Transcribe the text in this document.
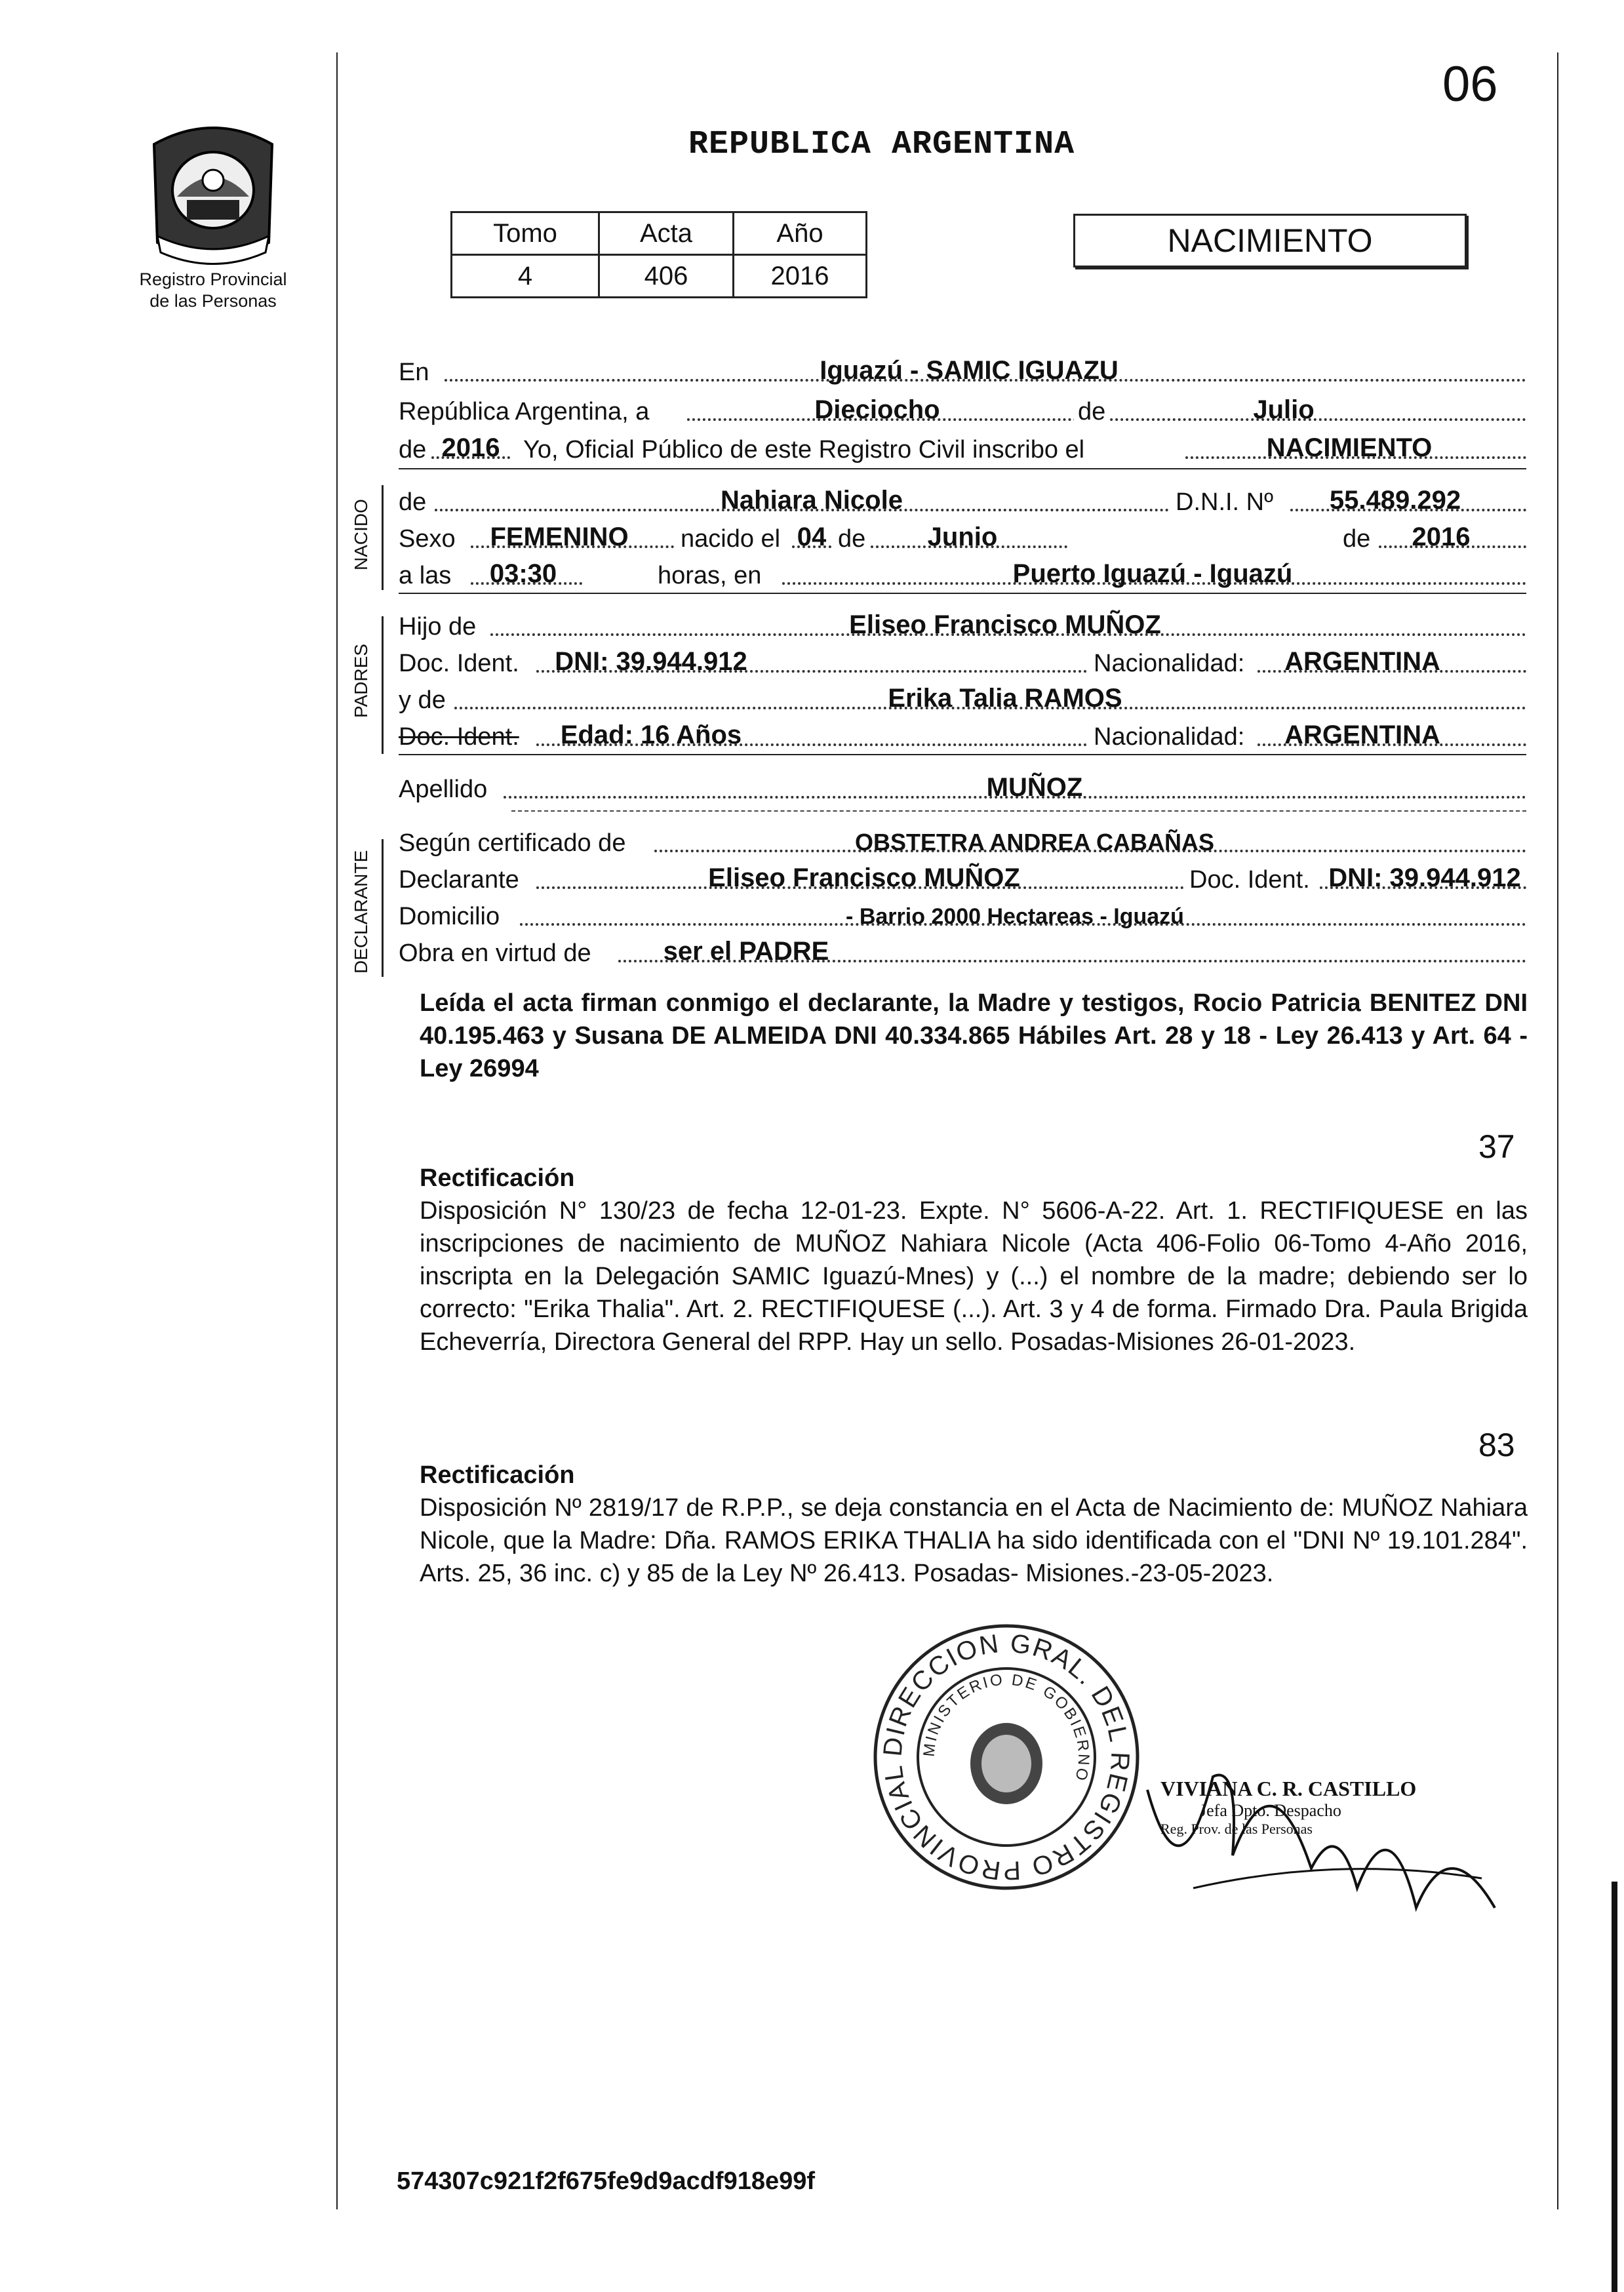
06
Registro Provincial
de las Personas
REPUBLICA ARGENTINA
Tomo	Acta	Año
4	406	2016
NACIMIENTO
NACIDO
PADRES
DECLARANTE
En	Iguazú - SAMIC IGUAZU
República Argentina, a	Dieciocho	de	Julio
de 2016 Yo, Oficial Público de este Registro Civil inscribo el	NACIMIENTO
de	Nahiara Nicole	D.N.I. Nº	55.489.292
Sexo	FEMENINO	nacido el 04 de	Junio	de	2016
a las	03:30	horas, en	Puerto Iguazú - Iguazú
Hijo de	Eliseo Francisco MUÑOZ
Doc. Ident.	DNI: 39.944.912	Nacionalidad:	ARGENTINA
y de	Erika Talia RAMOS
Doc. Ident.	Edad: 16 Años	Nacionalidad:	ARGENTINA
Apellido	MUÑOZ
Según certificado de	OBSTETRA ANDREA CABAÑAS
Declarante	Eliseo Francisco MUÑOZ	Doc. Ident. DNI: 39.944.912
Domicilio	- Barrio 2000 Hectareas - Iguazú
Obra en virtud de	ser el PADRE
Leída el acta firman conmigo el declarante, la Madre y testigos, Rocio Patricia BENITEZ DNI 40.195.463 y Susana DE ALMEIDA DNI 40.334.865 Hábiles Art. 28 y 18 - Ley 26.413 y Art. 64 - Ley 26994
37
Rectificación
Disposición N° 130/23 de fecha 12-01-23. Expte. N° 5606-A-22. Art. 1. RECTIFIQUESE en las inscripciones de nacimiento de MUÑOZ Nahiara Nicole (Acta 406-Folio 06-Tomo 4-Año 2016, inscripta en la Delegación SAMIC Iguazú-Mnes) y (...) el nombre de la madre; debiendo ser lo correcto: "Erika Thalia". Art. 2. RECTIFIQUESE (...). Art. 3 y 4 de forma. Firmado Dra. Paula Brigida Echeverría, Directora General del RPP. Hay un sello. Posadas-Misiones 26-01-2023.
83
Rectificación
Disposición Nº 2819/17 de R.P.P., se deja constancia en el Acta de Nacimiento de: MUÑOZ Nahiara Nicole, que la Madre: Dña. RAMOS ERIKA THALIA ha sido identificada con el "DNI Nº 19.101.284". Arts. 25, 36 inc. c) y 85 de la Ley Nº 26.413. Posadas- Misiones.-23-05-2023.
DIRECCION GRAL. DEL REGISTRO PROVINCIAL
MINISTERIO DE GOBIERNO
VIVIANA C. R. CASTILLO
Jefa Dpto. Despacho
Reg. Prov. de las Personas
574307c921f2f675fe9d9acdf918e99f
